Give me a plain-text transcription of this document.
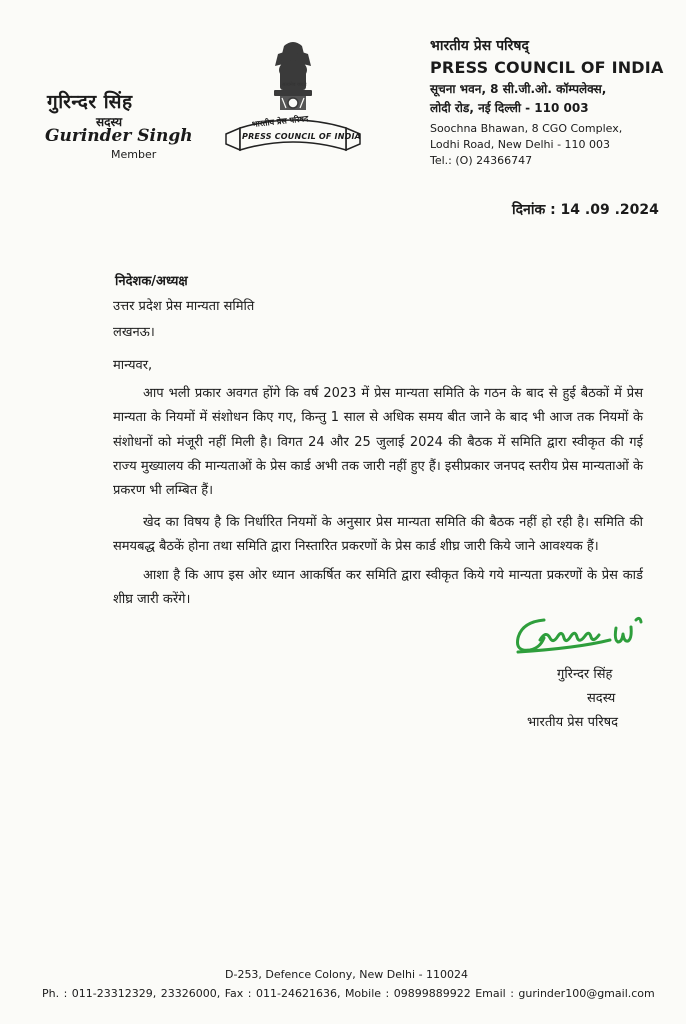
गुरिन्दर सिंह
सदस्य
Gurinder Singh
Member
सत्यमेव जयते
भारतीय प्रेस परिषद
PRESS COUNCIL OF INDIA
भारतीय प्रेस परिषद्
PRESS COUNCIL OF INDIA
सूचना भवन, 8 सी.जी.ओ. कॉम्पलेक्स,
लोदी रोड, नई दिल्ली - 110 003
Soochna Bhawan, 8 CGO Complex,
Lodhi Road, New Delhi - 110 003
Tel.: (O) 24366747
दिनांक : 14 .09 .2024
निदेशक/अध्यक्ष
उत्तर प्रदेश प्रेस मान्यता समिति
लखनऊ।
मान्यवर,

आप भली प्रकार अवगत होंगे कि वर्ष 2023 में प्रेस मान्यता समिति के गठन के बाद से हुई बैठकों में प्रेस मान्यता के नियमों में संशोधन किए गए, किन्तु 1 साल से अधिक समय बीत जाने के बाद भी आज तक नियमों के संशोधनों को मंजूरी नहीं मिली है। विगत 24 और 25 जुलाई 2024 की बैठक में समिति द्वारा स्वीकृत की गई राज्य मुख्यालय की मान्यताओं के प्रेस कार्ड अभी तक जारी नहीं हुए हैं। इसीप्रकार जनपद स्तरीय प्रेस मान्यताओं के प्रकरण भी लम्बित हैं।

खेद का विषय है कि निर्धारित नियमों के अनुसार प्रेस मान्यता समिति की बैठक नहीं हो रही है। समिति की समयबद्ध बैठकें होना तथा समिति द्वारा निस्तारित प्रकरणों के प्रेस कार्ड शीघ्र जारी किये जाने आवश्यक हैं।

आशा है कि आप इस ओर ध्यान आकर्षित कर समिति द्वारा स्वीकृत किये गये मान्यता प्रकरणों के प्रेस कार्ड शीघ्र जारी करेंगे।

गुरिन्दर सिंह
सदस्य
भारतीय प्रेस परिषद
D-253, Defence Colony, New Delhi - 110024
Ph. : 011-23312329, 23326000, Fax : 011-24621636, Mobile : 09899889922 Email : gurinder100@gmail.com
